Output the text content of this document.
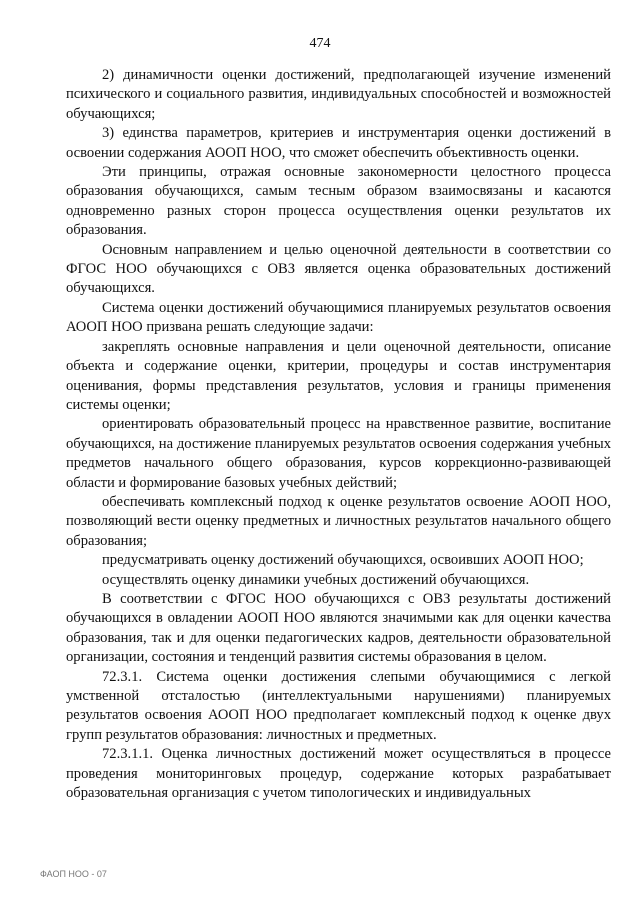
474

2) динамичности оценки достижений, предполагающей изучение изменений психического и социального развития, индивидуальных способностей и возможностей обучающихся;

3) единства параметров, критериев и инструментария оценки достижений в освоении содержания АООП НОО, что сможет обеспечить объективность оценки.

Эти принципы, отражая основные закономерности целостного процесса образования обучающихся, самым тесным образом взаимосвязаны и касаются одновременно разных сторон процесса осуществления оценки результатов их образования.

Основным направлением и целью оценочной деятельности в соответствии со ФГОС НОО обучающихся с ОВЗ является оценка образовательных достижений обучающихся.

Система оценки достижений обучающимися планируемых результатов освоения АООП НОО призвана решать следующие задачи:

закреплять основные направления и цели оценочной деятельности, описание объекта и содержание оценки, критерии, процедуры и состав инструментария оценивания, формы представления результатов, условия и границы применения системы оценки;

ориентировать образовательный процесс на нравственное развитие, воспитание обучающихся, на достижение планируемых результатов освоения содержания учебных предметов начального общего образования, курсов коррекционно-развивающей области и формирование базовых учебных действий;

обеспечивать комплексный подход к оценке результатов освоение АООП НОО, позволяющий вести оценку предметных и личностных результатов начального общего образования;

предусматривать оценку достижений обучающихся, освоивших АООП НОО;

осуществлять оценку динамики учебных достижений обучающихся.

В соответствии с ФГОС НОО обучающихся с ОВЗ результаты достижений обучающихся в овладении АООП НОО являются значимыми как для оценки качества образования, так и для оценки педагогических кадров, деятельности образовательной организации, состояния и тенденций развития системы образования в целом.

72.3.1. Система оценки достижения слепыми обучающимися с легкой умственной отсталостью (интеллектуальными нарушениями) планируемых результатов освоения АООП НОО предполагает комплексный подход к оценке двух групп результатов образования: личностных и предметных.

72.3.1.1. Оценка личностных достижений может осуществляться в процессе проведения мониторинговых процедур, содержание которых разрабатывает образовательная организация с учетом типологических и индивидуальных

ФАОП НОО - 07
